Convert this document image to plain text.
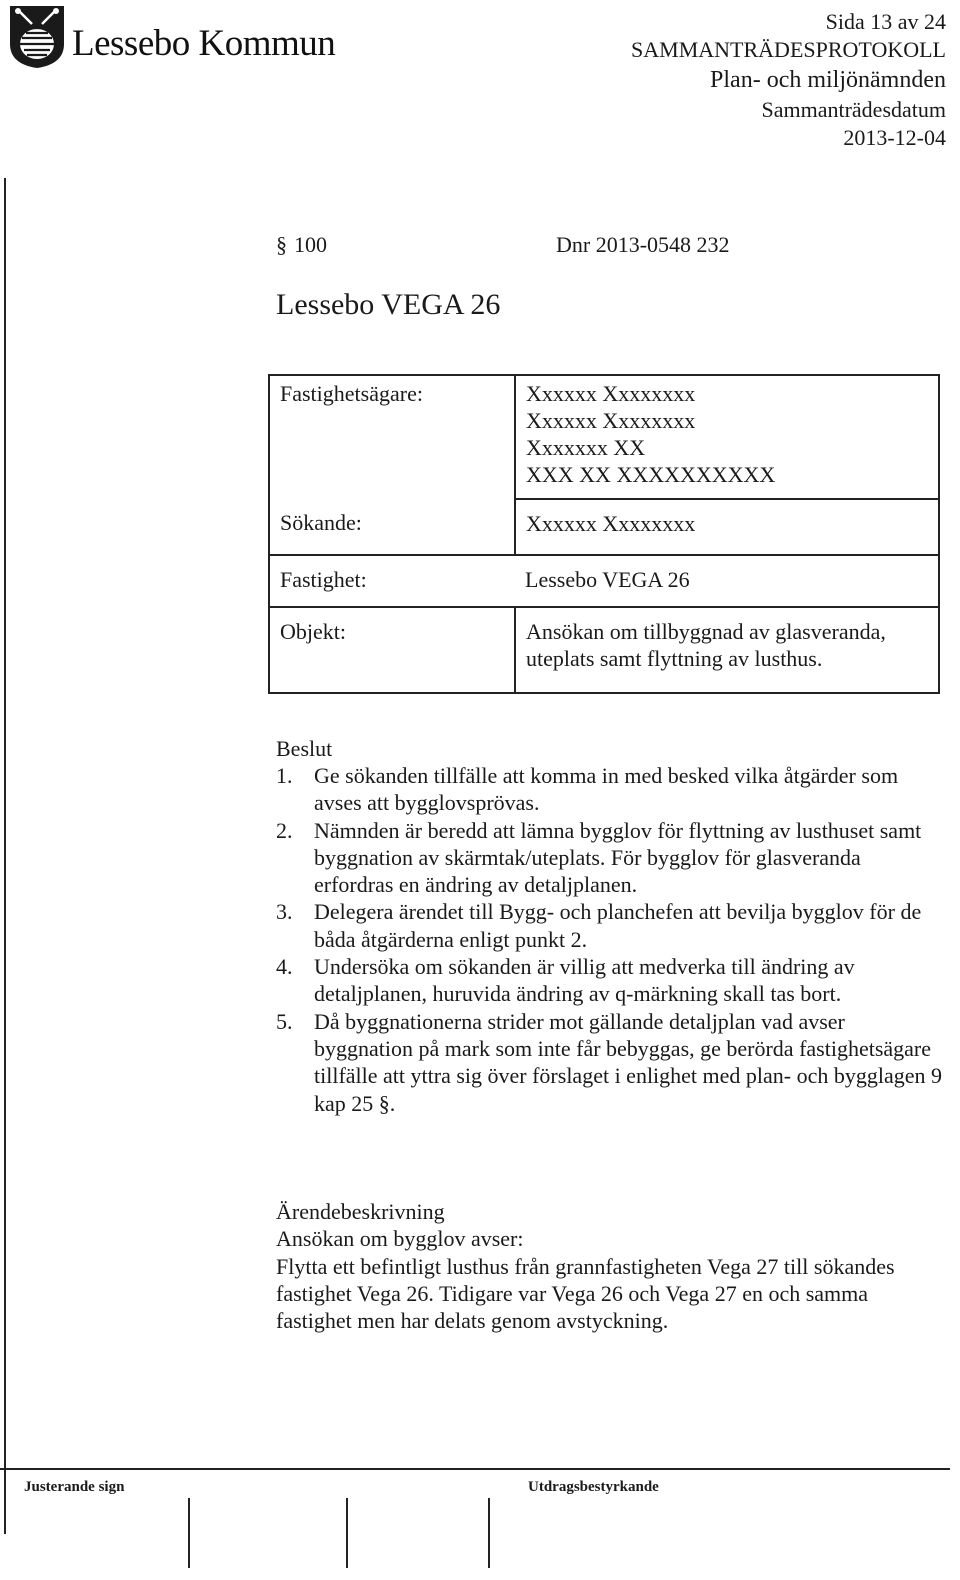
Lessebo Kommun
Sida 13 av 24
SAMMANTRÄDESPROTOKOLL
Plan- och miljönämnden
Sammanträdesdatum
2013-12-04
§ 100	Dnr 2013-0548 232
Lessebo VEGA 26
Fastighetsägare:	Xxxxxx Xxxxxxxx
Xxxxxx Xxxxxxxx
Xxxxxxx XX
XXX XX XXXXXXXXXX

Sökande:	Xxxxxx Xxxxxxxx
Fastighet:	Lessebo VEGA 26
Objekt:	Ansökan om tillbyggnad av glasveranda,
uteplats samt flyttning av lusthus.
Beslut
1. Ge sökanden tillfälle att komma in med besked vilka åtgärder som avses att bygglovsprövas.
2. Nämnden är beredd att lämna bygglov för flyttning av lusthuset samt byggnation av skärmtak/uteplats. För bygglov för glasveranda erfordras en ändring av detaljplanen.
3. Delegera ärendet till Bygg- och planchefen att bevilja bygglov för de båda åtgärderna enligt punkt 2.
4. Undersöka om sökanden är villig att medverka till ändring av detaljplanen, huruvida ändring av q-märkning skall tas bort.
5. Då byggnationerna strider mot gällande detaljplan vad avser byggnation på mark som inte får bebyggas, ge berörda fastighetsägare tillfälle att yttra sig över förslaget i enlighet med plan- och bygglagen 9 kap 25 §.
Ärendebeskrivning
Ansökan om bygglov avser:
Flytta ett befintligt lusthus från grannfastigheten Vega 27 till sökandes fastighet Vega 26. Tidigare var Vega 26 och Vega 27 en och samma fastighet men har delats genom avstyckning.
Justerande sign	Utdragsbestyrkande
